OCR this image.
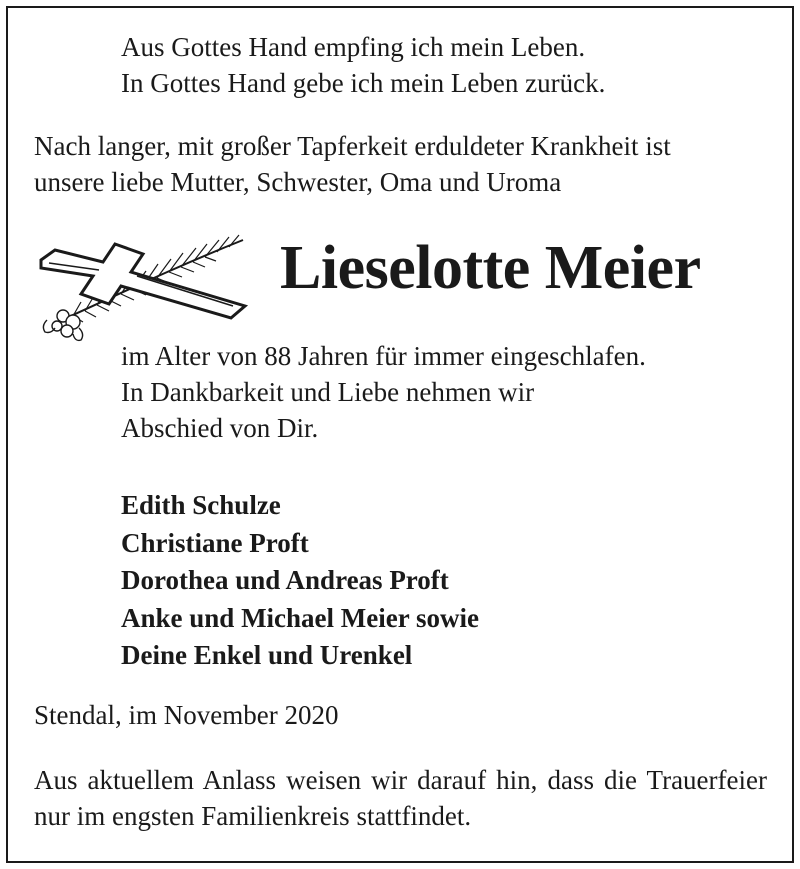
Aus Gottes Hand empfing ich mein Leben.
In Gottes Hand gebe ich mein Leben zurück.
Nach langer, mit großer Tapferkeit erduldeter Krankheit ist
unsere liebe Mutter, Schwester, Oma und Uroma
Lieselotte Meier
im Alter von 88 Jahren für immer eingeschlafen.
In Dankbarkeit und Liebe nehmen wir
Abschied von Dir.
Edith Schulze
Christiane Proft
Dorothea und Andreas Proft
Anke und Michael Meier sowie
Deine Enkel und Urenkel
Stendal, im November 2020
Aus aktuellem Anlass weisen wir darauf hin, dass die Trauerfeier nur im engsten Familienkreis stattfindet.
